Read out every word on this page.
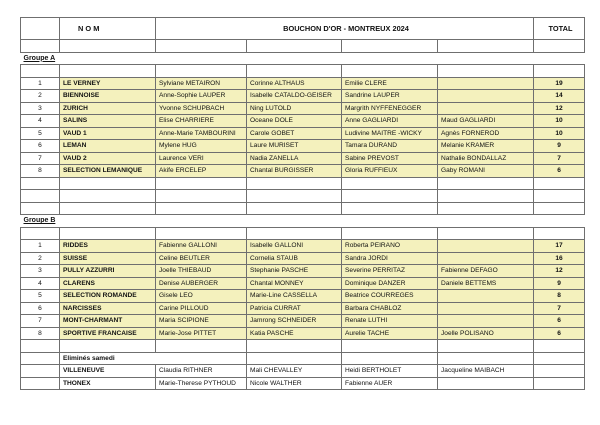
	N O M	BOUCHON D'OR - MONTREUX 2024				TOTAL

Groupe A						

1	LE VERNEY	Sylviane METAIRON	Corinne ALTHAUS	Emilie CLERE		19
2	BIENNOISE	Anne-Sophie LAUPER	Isabelle CATALDO-GEISER	Sandrine LAUPER		14
3	ZURICH	Yvonne SCHUPBACH	Ning LUTOLD	Margrith NYFFENEGGER		12
4	SALINS	Elise CHARRIERE	Oceane DOLE	Anne GAGLIARDI	Maud GAGLIARDI	10
5	VAUD 1	Anne-Marie TAMBOURINI	Carole GOBET	Ludivine MAITRE -WICKY	Agnès FORNEROD	10
6	LEMAN	Mylene HUG	Laure MURISET	Tamara DURAND	Melanie KRAMER	9
7	VAUD 2	Laurence VERI	Nadia ZANELLA	Sabine PREVOST	Nathalie BONDALLAZ	7
8	SELECTION LEMANIQUE	Akife ERCELEP	Chantal BURGISSER	Gloria RUFFIEUX	Gaby ROMANI	6

Groupe B						

1	RIDDES	Fabienne GALLONI	Isabelle GALLONI	Roberta PEIRANO		17
2	SUISSE	Celine BEUTLER	Cornelia STAUB	Sandra JORDI		16
3	PULLY AZZURRI	Joelle THIEBAUD	Stephanie PASCHE	Severine PERRITAZ	Fabienne DEFAGO	12
4	CLARENS	Denise AUBERGER	Chantal MONNEY	Dominique DANZER	Daniele BETTEMS	9
5	SELECTION ROMANDE	Gisele LEO	Marie-Line CASSELLA	Beatrice COURREGES		8
6	NARCISSES	Carine PILLOUD	Patricia CURRAT	Barbara CHABLOZ		7
7	MONT-CHARMANT	Maria SCIPIONE	Jamrong SCHNEIDER	Renate LUTHI		6
8	SPORTIVE FRANCAISE	Marie-Jose PITTET	Katia PASCHE	Aurelie TACHE	Joelle POLISANO	6

	Eliminés samedi					
	VILLENEUVE	Claudia RITHNER	Mali CHEVALLEY	Heidi BERTHOLET	Jacqueline MAIBACH	
	THONEX	Marie-Therese PYTHOUD	Nicole WALTHER	Fabienne AUER		
